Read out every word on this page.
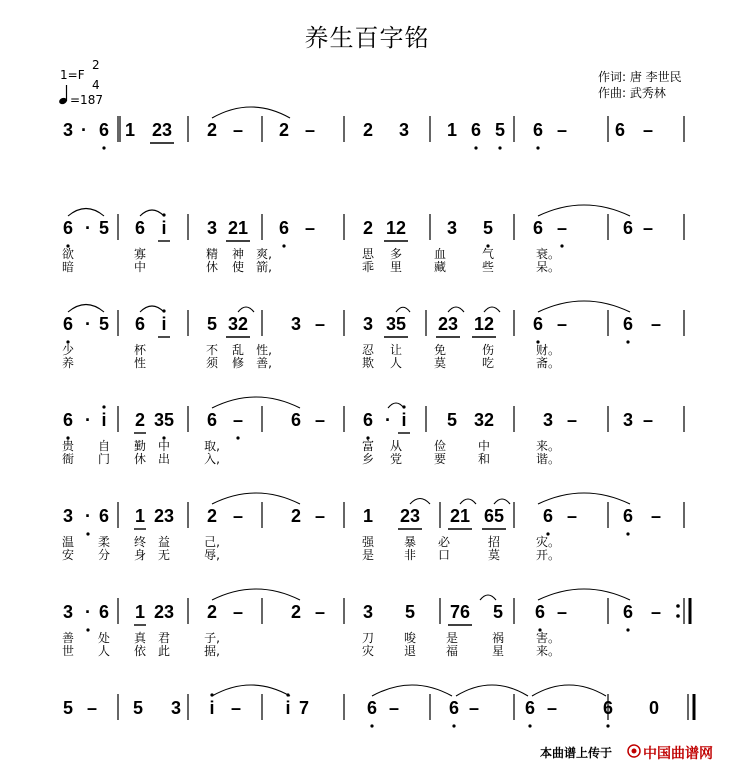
养生百字铭
1=F
2
4
=187
作词: 唐 李世民
作曲: 武秀林
3 · 6 1 23 2 – 2 –	2 3 1 6 5 6 –	6 –
6 · 5 6 i 3 21 6 –	2 12 3 5 6 –	6 –
欲	寡	精 神 爽,	思 多	血	气	衰。
暗	中	休 使 箭,	乖 里	藏	些	呆。
6 · 5 6 i 5 32 3 – 3 35 23 12 6 –	6 –
少	杯	不 乱 性,	忍 让	免	伤	财。
养	性	须 修 善,	欺 人	莫	吃	斋。
6 · i 2 35 6 –	6 – 6 · i 5 32	3 –	3 –
贵 自 勤 中	取,	富 从	俭	中	来。
衙 门 休 出	入,	乡 党	要	和	谐。
3 · 6 1 23 2 –	2 – 1 23 21 65 6 –	6 –
温 柔 终 益	己,	强 暴 必	招	灾。
安 分 身 无	辱,	是 非 口	莫	开。
3 · 6 1 23 2 –	2 – 3 5 76 5 6 –	6 –
善 处 真 君	子,	刀 唆 是	祸	害。
世 人 依 此	据,	灾 退 福	星	来。
5 – 5 3 i – i 7	6 –	6 –	6 –	6 0
本曲谱上传于 中国曲谱网
